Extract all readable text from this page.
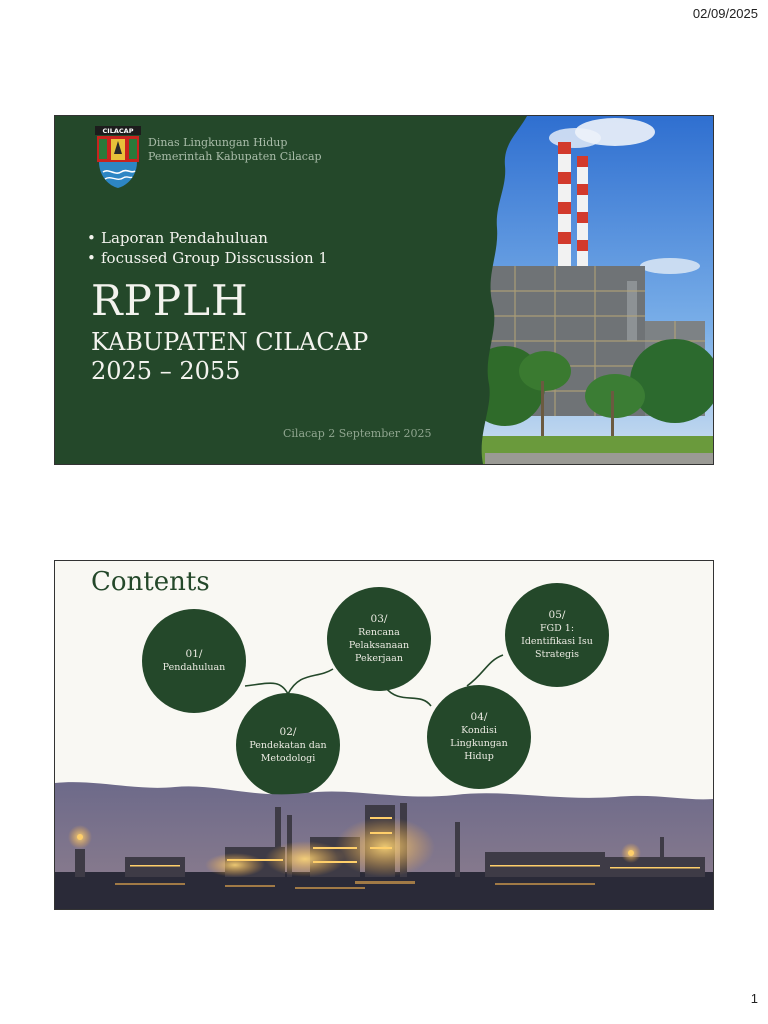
02/09/2025
CILACAP
Dinas Lingkungan Hidup
Pemerintah Kabupaten Cilacap
• Laporan Pendahuluan
• focussed Group Disscussion 1
RPPLH
KABUPATEN CILACAP
2025 – 2055
Cilacap 2 September 2025
Contents
01/
Pendahuluan
02/
Pendekatan dan Metodologi
03/
Rencana Pelaksanaan Pekerjaan
04/
Kondisi Lingkungan Hidup
05/
FGD 1: Identifikasi Isu Strategis
1
